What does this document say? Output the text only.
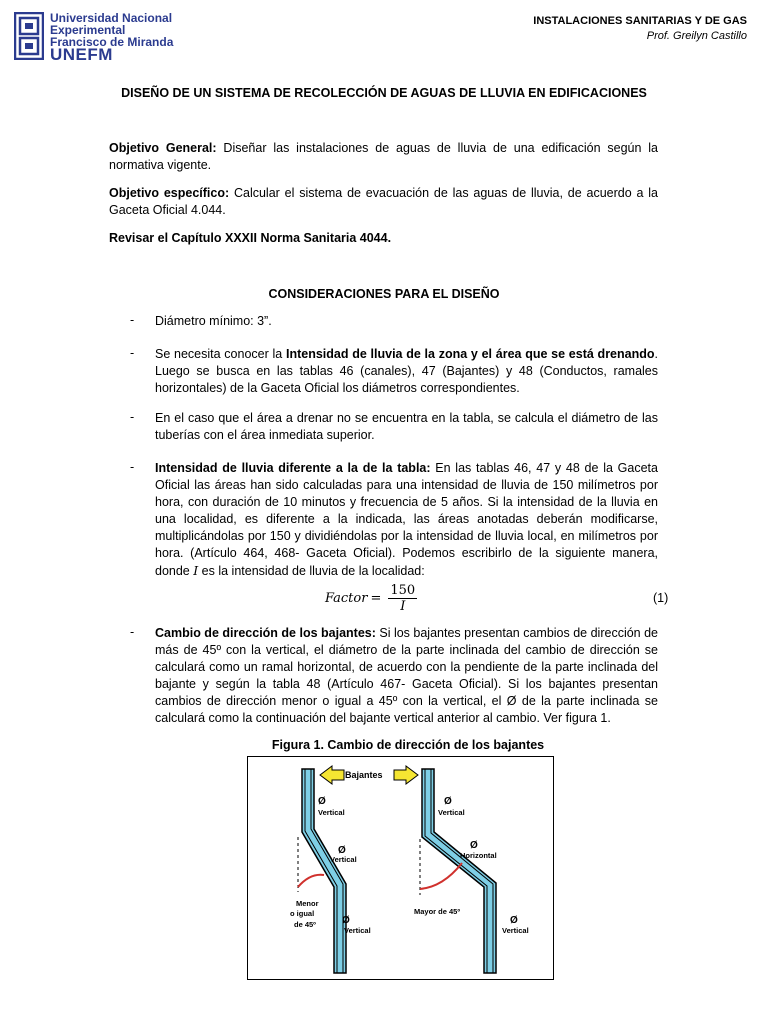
Universidad Nacional
Experimental
Francisco de Miranda
UNEFM
INSTALACIONES SANITARIAS Y DE GAS
Prof. Greilyn Castillo
DISEÑO DE UN SISTEMA DE RECOLECCIÓN DE AGUAS DE LLUVIA EN EDIFICACIONES
Objetivo General: Diseñar las instalaciones de aguas de lluvia de una edificación según la normativa vigente.
Objetivo específico: Calcular el sistema de evacuación de las aguas de lluvia, de acuerdo a la Gaceta Oficial 4.044.
Revisar el Capítulo XXXII Norma Sanitaria 4044.
CONSIDERACIONES PARA EL DISEÑO
- Diámetro mínimo: 3”.
- Se necesita conocer la Intensidad de lluvia de la zona y el área que se está drenando. Luego se busca en las tablas 46 (canales), 47 (Bajantes) y 48 (Conductos, ramales horizontales) de la Gaceta Oficial los diámetros correspondientes.
- En el caso que el área a drenar no se encuentra en la tabla, se calcula el diámetro de las tuberías con el área inmediata superior.
- Intensidad de lluvia diferente a la de la tabla: En las tablas 46, 47 y 48 de la Gaceta Oficial las áreas han sido calculadas para una intensidad de lluvia de 150 milímetros por hora, con duración de 10 minutos y frecuencia de 5 años. Si la intensidad de la lluvia en una localidad, es diferente a la indicada, las áreas anotadas deberán modificarse, multiplicándolas por 150 y dividiéndolas por la intensidad de lluvia local, en milímetros por hora. (Artículo 464, 468- Gaceta Oficial). Podemos escribirlo de la siguiente manera, donde I es la intensidad de lluvia de la localidad:
Factor = $\frac{150}{I}$	(1)
- Cambio de dirección de los bajantes: Si los bajantes presentan cambios de dirección de más de 45º con la vertical, el diámetro de la parte inclinada del cambio de dirección se calculará como un ramal horizontal, de acuerdo con la pendiente de la parte inclinada del bajante y según la tabla 48 (Artículo 467- Gaceta Oficial). Si los bajantes presentan cambios de dirección menor o igual a 45º con la vertical, el Ø de la parte inclinada se calculará como la continuación del bajante vertical anterior al cambio. Ver figura 1.
Figura 1. Cambio de dirección de los bajantes
Bajantes
Ø
Vertical
Ø
Vertical
Ø
Vertical
Menor
o igual
de 45º
Ø
Vertical
Ø
Horizontal
Mayor de 45º
Ø
Vertical
